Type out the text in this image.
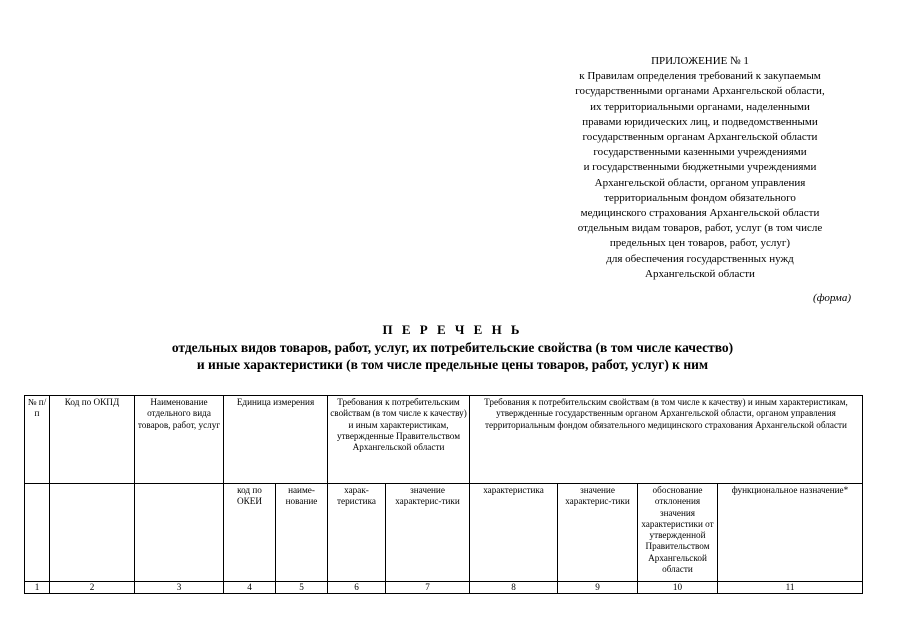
ПРИЛОЖЕНИЕ № 1
к Правилам определения требований к закупаемым
государственными органами Архангельской области,
их территориальными органами, наделенными
правами юридических лиц, и подведомственными
государственным органам Архангельской области
государственными казенными учреждениями
и государственными бюджетными учреждениями
Архангельской области, органом управления
территориальным фондом обязательного
медицинского страхования Архангельской области
отдельным видам товаров, работ, услуг (в том числе
предельных цен товаров, работ, услуг)
для обеспечения государственных нужд
Архангельской области
(форма)
П Е Р Е Ч Е Н Ь
отдельных видов товаров, работ, услуг, их потребительские свойства (в том числе качество)
и иные характеристики (в том числе предельные цены товаров, работ, услуг) к ним
№ п/п	Код по ОКПД	Наименование отдельного вида товаров, работ, услуг	Единица измерения		Требования к потребительским свойствам (в том числе к качеству) и иным характеристикам, утвержденные Правительством Архангельской области		Требования к потребительским свойствам (в том числе к качеству) и иным характеристикам, утвержденные государственным органом Архангельской области, органом управления территориальным фондом обязательного медицинского страхования Архангельской области			
			код по ОКЕИ	наиме-нование	харак-теристика	значение характерис-тики	характеристика	значение характерис-тики	обоснование отклонения значения характеристики от утвержденной Правительством Архангельской области	функциональное назначение*
1	2	3	4	5	6	7	8	9	10	11
